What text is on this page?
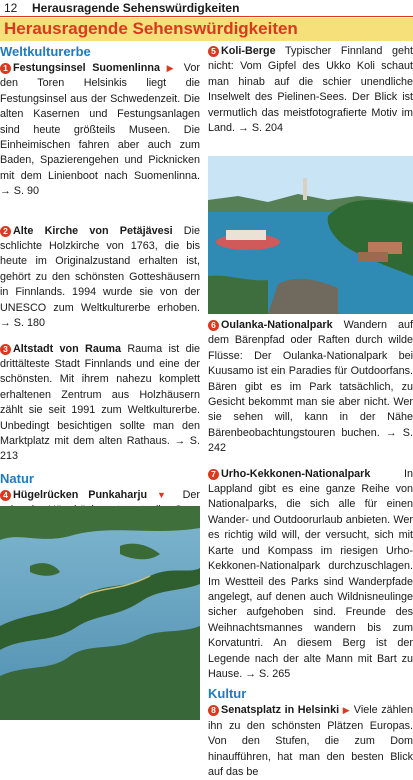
12 Herausragende Sehenswürdigkeiten
Herausragende Sehenswürdigkeiten
Weltkulturerbe

1 Festungsinsel Suomenlinna ▶ Vor den Toren Helsinkis liegt die Festungsinsel aus der Schwedenzeit. Die alten Kasernen und Festungsanlagen sind heute größteils Museen. Die Einheimischen fahren aber auch zum Baden, Spazierengehen und Picknicken mit dem Linienboot nach Suomenlinna. → S. 90

2 Alte Kirche von Petäjävesi Die schlichte Holzkirche von 1763, die bis heute im Originalzustand erhalten ist, gehört zu den schönsten Gotteshäusern in Finnlands. 1994 wurde sie von der UNESCO zum Weltkulturerbe erhoben. → S. 180

3 Altstadt von Rauma Rauma ist die drittälteste Stadt Finnlands und eine der schönsten. Mit ihrem nahezu komplett erhaltenen Zentrum aus Holzhäusern zählt sie seit 1991 zum Weltkulturerbe. Unbedingt besichtigen sollte man den Marktplatz mit dem alten Rathaus. → S. 213

Natur

4 Hügelrücken Punkaharju ▼ Der

5 Koli-Berge Typischer Finnland geht nicht: Vom Gipfel des Ukko Koli schaut man hinab auf die schier unendliche Inselwelt des Pielinen-Sees. Der Blick ist vermutlich das meistfotografierte Motiv im Land. → S. 204

6 Oulanka-Nationalpark Wandern auf dem Bärenpfad oder Raften durch wilde Flüsse: Der Oulanka-Nationalpark bei Kuusamo ist ein Paradies für Outdoorfans. Bären gibt es im Park tatsächlich, zu Gesicht bekommt man sie aber nicht. Wer sie sehen will, kann in der Nähe Bärenbeobachtungstouren buchen. → S. 242

7 Urho-Kekkonen-Nationalpark In Lappland gibt es eine ganze Reihe von Nationalparks, die sich alle für einen Wander- und Outdoorurlaub anbieten. Wer es richtig wild will, der versucht, sich mit Karte und Kompass im riesigen Urho-Kekkonen-Nationalpark durchzuschlagen. Im Westteil des Parks sind Wanderpfade angelegt, auf denen auch Wildnisneulinge sicher aufgehoben sind. Freunde des Weihnachtsmannes wandern bis zum Korvatuntri. An diesem Berg ist der Legende nach der alte Mann mit Bart zu Hause. → S. 265

Kultur

8 Senatsplatz in Helsinki ▶ Viele zählen ihn zu den schönsten Plätzen Europas. Von den Stufen, die zum Dom hinaufführen, hat man den besten Blick auf das be
